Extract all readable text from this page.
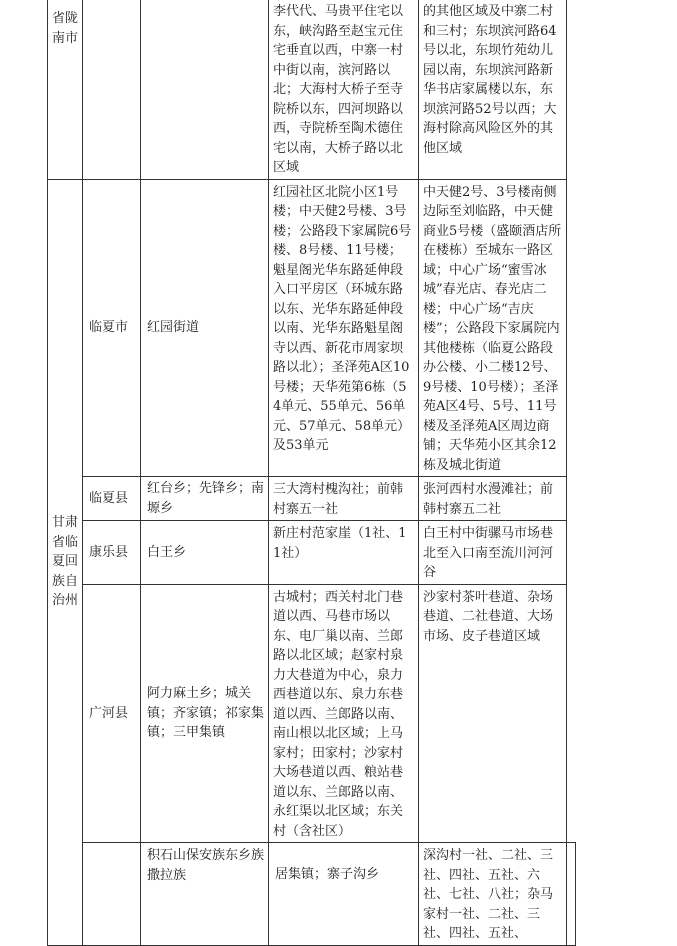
省陇南市			李代代、马贵平住宅以东，峡沟路至赵宝元住宅垂直以西，中寨一村中街以南，滨河路以北；大海村大桥子至寺院桥以东，四河坝路以西，寺院桥至陶术德住宅以南，大桥子路以北区域	的其他区域及中寨二村和三村；东坝滨河路64号以北，东坝竹苑幼儿园以南，东坝滨河路新华书店家属楼以东，东坝滨河路52号以西；大海村除高风险区外的其他区域	
甘肃省临夏回族自治州	临夏市	红园街道	红园社区北院小区1号楼；中天健2号楼、3号楼；公路段下家属院6号楼、8号楼、11号楼；魁星阁光华东路延伸段入口平房区（环城东路以东、光华东路延伸段以南、光华东路魁星阁寺以西、新花市周家坝路以北）；圣泽苑A区10号楼；天华苑第6栋（54单元、55单元、56单元、57单元、58单元）及53单元	中天健2号、3号楼南侧边际至刘临路，中天健商业5号楼（盛颐酒店所在楼栋）至城东一路区域；中心广场“蜜雪冰城”春光店、春光店二楼；中心广场“吉庆楼”；公路段下家属院内其他楼栋（临夏公路段办公楼、小二楼12号、9号楼、10号楼）；圣泽苑A区4号、5号、11号楼及圣泽苑A区周边商铺；天华苑小区其余12栋及城北街道	
	临夏县	红台乡；先锋乡；南塬乡	三大湾村槐沟社；前韩村寨五一社	张河西村水漫滩社；前韩村寨五二社	
	康乐县	白王乡	新庄村范家崖（1社、11社）	白王村中街骡马市场巷北至入口南至流川河河谷	
	广河县	阿力麻土乡；城关镇；齐家镇；祁家集镇；三甲集镇	古城村；西关村北门巷道以西、马巷市场以东、电厂巢以南、兰郎路以北区域；赵家村泉力大巷道为中心，泉力西巷道以东、泉力东巷道以西、兰郎路以南、南山根以北区域；上马家村；田家村；沙家村大场巷道以西、粮站巷道以东、兰郎路以南、永红渠以北区域；东关村（含社区）	沙家村茶叶巷道、杂场巷道、二社巷道、大场市场、皮子巷道区域	
		积石山保安族东乡族撒拉族	居集镇；寨子沟乡	深沟村一社、二社、三社、四社、五社、六社、七社、八社；杂马家村一社、二社、三社、四社、五社、	
